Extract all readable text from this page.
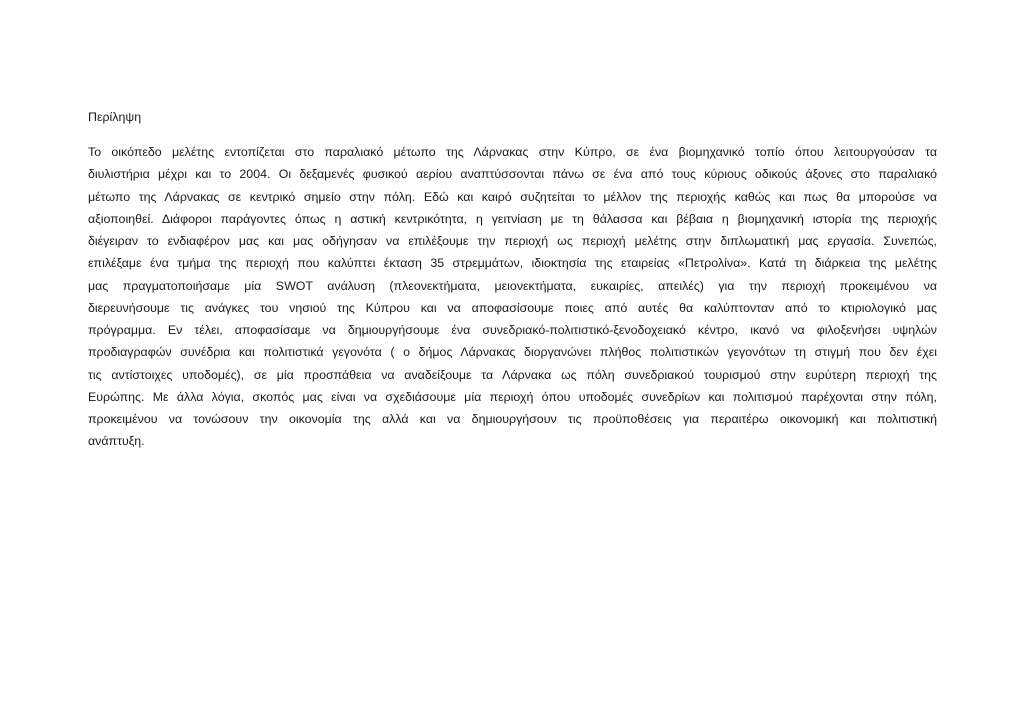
Περίληψη
Το οικόπεδο μελέτης εντοπίζεται στο παραλιακό μέτωπο της Λάρνακας στην Κύπρο, σε ένα βιομηχανικό τοπίο όπου λειτουργούσαν τα
διυλιστήρια μέχρι και το 2004. Οι δεξαμενές φυσικού αερίου αναπτύσσονται πάνω σε ένα από τους κύριους οδικούς άξονες στο παραλιακό
μέτωπο της Λάρνακας σε κεντρικό σημείο στην πόλη. Εδώ και καιρό συζητείται το μέλλον της περιοχής καθώς και πως θα μπορούσε να
αξιοποιηθεί. Διάφοροι παράγοντες όπως η αστική κεντρικότητα, η γειτνίαση με τη θάλασσα και βέβαια η βιομηχανική ιστορία της περιοχής
διέγειραν το ενδιαφέρον μας και μας οδήγησαν να επιλέξουμε την περιοχή ως περιοχή μελέτης στην διπλωματική μας εργασία. Συνεπώς,
επιλέξαμε ένα τμήμα της περιοχή που καλύπτει έκταση 35 στρεμμάτων, ιδιοκτησία της εταιρείας «Πετρολίνα». Κατά τη διάρκεια της μελέτης
μας πραγματοποιήσαμε μία SWOT ανάλυση (πλεονεκτήματα, μειονεκτήματα, ευκαιρίες, απειλές) για την περιοχή προκειμένου να
διερευνήσουμε τις ανάγκες του νησιού της Κύπρου και να αποφασίσουμε ποιες από αυτές θα καλύπτονταν από το κτιριολογικό μας
πρόγραμμα. Εν τέλει, αποφασίσαμε να δημιουργήσουμε ένα συνεδριακό-πολιτιστικό-ξενοδοχειακό κέντρο, ικανό να φιλοξενήσει υψηλών
προδιαγραφών συνέδρια και πολιτιστικά γεγονότα ( ο δήμος Λάρνακας διοργανώνει πλήθος πολιτιστικών γεγονότων τη στιγμή που δεν έχει
τις αντίστοιχες υποδομές), σε μία προσπάθεια να αναδείξουμε τα Λάρνακα ως πόλη συνεδριακού τουρισμού στην ευρύτερη περιοχή της
Ευρώπης. Με άλλα λόγια, σκοπός μας είναι να σχεδιάσουμε μία περιοχή όπου υποδομές συνεδρίων και πολιτισμού παρέχονται στην πόλη,
προκειμένου να τονώσουν την οικονομία της αλλά και να δημιουργήσουν τις προϋποθέσεις για περαιτέρω οικονομική και πολιτιστική
ανάπτυξη.
